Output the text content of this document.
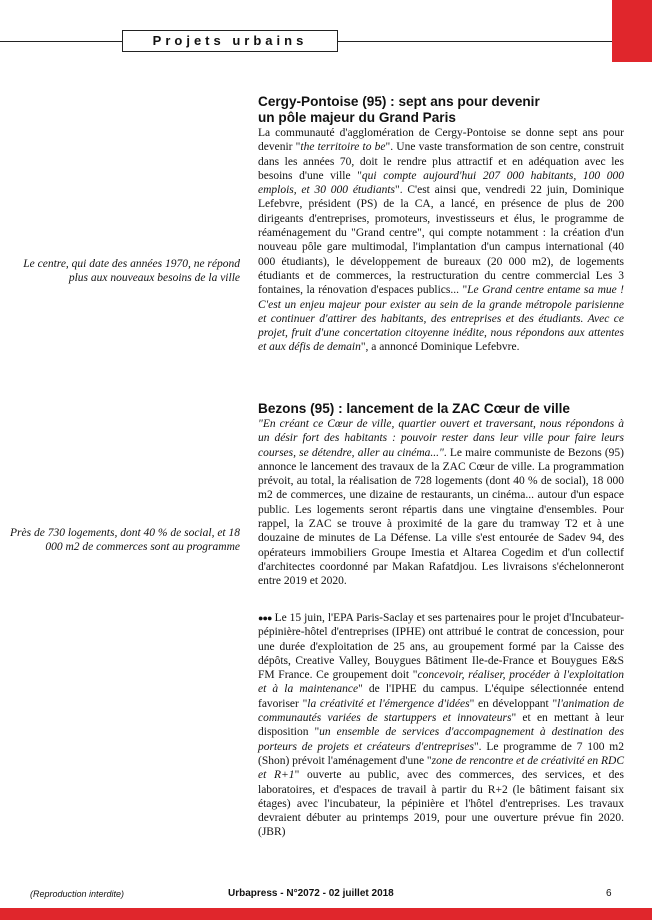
Projets urbains
Cergy-Pontoise (95) : sept ans pour devenir
un pôle majeur du Grand Paris

La communauté d'agglomération de Cergy-Pontoise se donne sept ans pour devenir "the territoire to be". Une vaste transformation de son centre, construit dans les années 70, doit le rendre plus attractif et en adéquation avec les besoins d'une ville "qui compte aujourd'hui 207 000 habitants, 100 000 emplois, et 30 000 étudiants". C'est ainsi que, vendredi 22 juin, Dominique Lefebvre, président (PS) de la CA, a lancé, en présence de plus de 200 dirigeants d'entreprises, promoteurs, investisseurs et élus, le programme de réaménagement du "Grand centre", qui compte notamment : la création d'un nouveau pôle gare multimodal, l'implantation d'un campus international (40 000 étudiants), le développement de bureaux (20 000 m2), de logements étudiants et de commerces, la restructuration du centre commercial Les 3 fontaines, la rénovation d'espaces publics... "Le Grand centre entame sa mue ! C'est un enjeu majeur pour exister au sein de la grande métropole parisienne et continuer d'attirer des habitants, des entreprises et des étudiants. Avec ce projet, fruit d'une concertation citoyenne inédite, nous répondons aux attentes et aux défis de demain", a annoncé Dominique Lefebvre.

Le centre, qui date des années 1970, ne répond plus aux nouveaux besoins de la ville
Bezons (95) : lancement de la ZAC Cœur de ville

"En créant ce Cœur de ville, quartier ouvert et traversant, nous répondons à un désir fort des habitants : pouvoir rester dans leur ville pour faire leurs courses, se détendre, aller au cinéma...". Le maire communiste de Bezons (95) annonce le lancement des travaux de la ZAC Cœur de ville. La programmation prévoit, au total, la réalisation de 728 logements (dont 40 % de social), 18 000 m2 de commerces, une dizaine de restaurants, un cinéma... autour d'un espace public. Les logements seront répartis dans une vingtaine d'ensembles. Pour rappel, la ZAC se trouve à proximité de la gare du tramway T2 et à une douzaine de minutes de La Défense. La ville s'est entourée de Sadev 94, des opérateurs immobiliers Groupe Imestia et Altarea Cogedim et d'un collectif d'architectes coordonné par Makan Rafatdjou. Les livraisons s'échelonneront entre 2019 et 2020.

Près de 730 logements, dont 40 % de social, et 18 000 m2 de commerces sont au programme

●●● Le 15 juin, l'EPA Paris-Saclay et ses partenaires pour le projet d'Incubateur-pépinière-hôtel d'entreprises (IPHE) ont attribué le contrat de concession, pour une durée d'exploitation de 25 ans, au groupement formé par la Caisse des dépôts, Creative Valley, Bouygues Bâtiment Ile-de-France et Bouygues E&S FM France. Ce groupement doit "concevoir, réaliser, procéder à l'exploitation et à la maintenance" de l'IPHE du campus. L'équipe sélectionnée entend favoriser "la créativité et l'émergence d'idées" en développant "l'animation de communautés variées de startuppers et innovateurs" et en mettant à leur disposition "un ensemble de services d'accompagnement à destination des porteurs de projets et créateurs d'entreprises". Le programme de 7 100 m2 (Shon) prévoit l'aménagement d'une "zone de rencontre et de créativité en RDC et R+1" ouverte au public, avec des commerces, des services, et des laboratoires, et d'espaces de travail à partir du R+2 (le bâtiment faisant six étages) avec l'incubateur, la pépinière et l'hôtel d'entreprises. Les travaux devraient débuter au printemps 2019, pour une ouverture prévue fin 2020. (JBR)

(Reproduction interdite)	Urbapress - N°2072 - 02 juillet 2018	6
